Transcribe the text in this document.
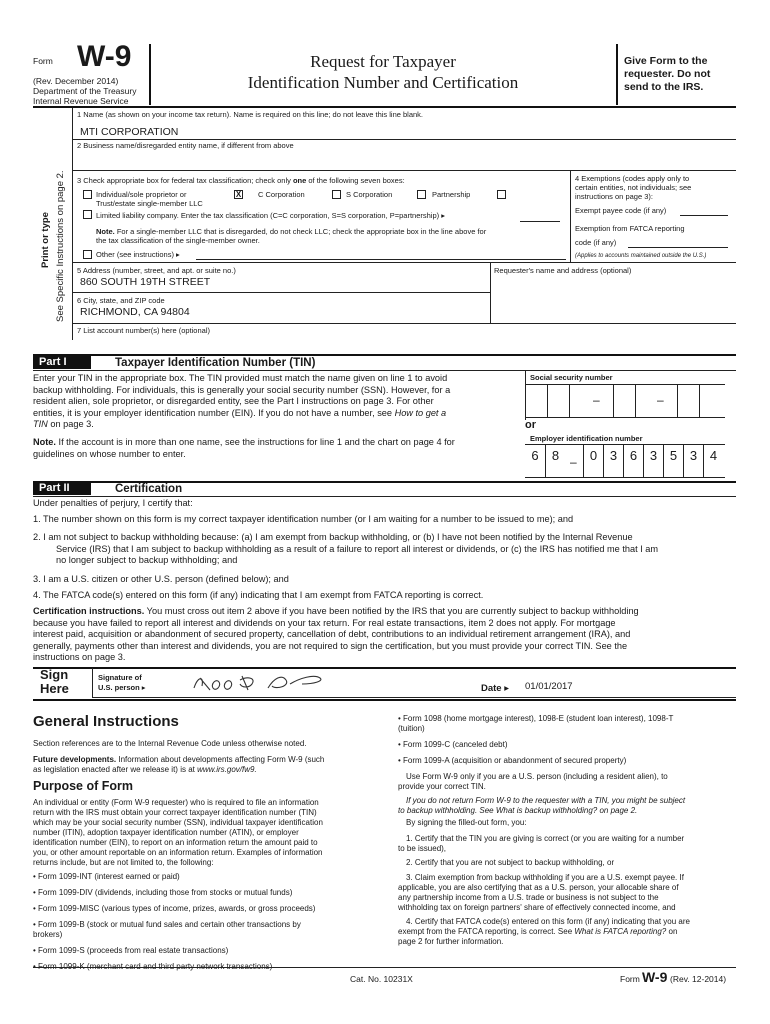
Form W-9
(Rev. December 2014)
Department of the Treasury
Internal Revenue Service
Request for Taxpayer
Identification Number and Certification
Give Form to the
requester. Do not
send to the IRS.
Print or type See Specific Instructions on page 2.
1 Name (as shown on your income tax return). Name is required on this line; do not leave this line blank.
MTI CORPORATION
2 Business name/disregarded entity name, if different from above
3 Check appropriate box for federal tax classification; check only one of the following seven boxes:
Individual/sole proprietor or
Trust/estate single-member LLC
X C Corporation	S Corporation	Partnership
Limited liability company. Enter the tax classification (C=C corporation, S=S corporation, P=partnership) ▸
Note. For a single-member LLC that is disregarded, do not check LLC; check the appropriate box in the line above for
the tax classification of the single-member owner.
Other (see instructions) ▸
4 Exemptions (codes apply only to
certain entities, not individuals; see
instructions on page 3):
Exempt payee code (if any)
Exemption from FATCA reporting
code (if any)
(Applies to accounts maintained outside the U.S.)
5 Address (number, street, and apt. or suite no.)
860 SOUTH 19TH STREET
Requester's name and address (optional)
6 City, state, and ZIP code
RICHMOND, CA 94804
7 List account number(s) here (optional)
Part I	Taxpayer Identification Number (TIN)
Enter your TIN in the appropriate box. The TIN provided must match the name given on line 1 to avoid
backup withholding. For individuals, this is generally your social security number (SSN). However, for a
resident alien, sole proprietor, or disregarded entity, see the Part I instructions on page 3. For other
entities, it is your employer identification number (EIN). If you do not have a number, see How to get a
TIN on page 3.
Note. If the account is in more than one name, see the instructions for line 1 and the chart on page 4 for
guidelines on whose number to enter.
Social security number
–	–
or
Employer identification number
6	8 –	0 3 6 3 5 3 4
Part II	Certification
Under penalties of perjury, I certify that:
1. The number shown on this form is my correct taxpayer identification number (or I am waiting for a number to be issued to me); and
2. I am not subject to backup withholding because: (a) I am exempt from backup withholding, or (b) I have not been notified by the Internal Revenue
Service (IRS) that I am subject to backup withholding as a result of a failure to report all interest or dividends, or (c) the IRS has notified me that I am
no longer subject to backup withholding; and
3. I am a U.S. citizen or other U.S. person (defined below); and
4. The FATCA code(s) entered on this form (if any) indicating that I am exempt from FATCA reporting is correct.
Certification instructions. You must cross out item 2 above if you have been notified by the IRS that you are currently subject to backup withholding
because you have failed to report all interest and dividends on your tax return. For real estate transactions, item 2 does not apply. For mortgage
interest paid, acquisition or abandonment of secured property, cancellation of debt, contributions to an individual retirement arrangement (IRA), and
generally, payments other than interest and dividends, you are not required to sign the certification, but you must provide your correct TIN. See the
instructions on page 3.
Sign
Here
Signature of
U.S. person ▸	Date ▸ 01/01/2017
General Instructions
Section references are to the Internal Revenue Code unless otherwise noted.
Future developments. Information about developments affecting Form W-9 (such
as legislation enacted after we release it) is at www.irs.gov/fw9.
Purpose of Form
An individual or entity (Form W-9 requester) who is required to file an information
return with the IRS must obtain your correct taxpayer identification number (TIN)
which may be your social security number (SSN), individual taxpayer identification
number (ITIN), adoption taxpayer identification number (ATIN), or employer
identification number (EIN), to report on an information return the amount paid to
you, or other amount reportable on an information return. Examples of information
returns include, but are not limited to, the following:
• Form 1099-INT (interest earned or paid)
• Form 1099-DIV (dividends, including those from stocks or mutual funds)
• Form 1099-MISC (various types of income, prizes, awards, or gross proceeds)
• Form 1099-B (stock or mutual fund sales and certain other transactions by
brokers)
• Form 1099-S (proceeds from real estate transactions)
• Form 1099-K (merchant card and third party network transactions)
• Form 1098 (home mortgage interest), 1098-E (student loan interest), 1098-T
(tuition)
• Form 1099-C (canceled debt)
• Form 1099-A (acquisition or abandonment of secured property)
Use Form W-9 only if you are a U.S. person (including a resident alien), to
provide your correct TIN.
If you do not return Form W-9 to the requester with a TIN, you might be subject
to backup withholding. See What is backup withholding? on page 2.
By signing the filled-out form, you:
1. Certify that the TIN you are giving is correct (or you are waiting for a number
to be issued),
2. Certify that you are not subject to backup withholding, or
3. Claim exemption from backup withholding if you are a U.S. exempt payee. If
applicable, you are also certifying that as a U.S. person, your allocable share of
any partnership income from a U.S. trade or business is not subject to the
withholding tax on foreign partners' share of effectively connected income, and
4. Certify that FATCA code(s) entered on this form (if any) indicating that you are
exempt from the FATCA reporting, is correct. See What is FATCA reporting? on
page 2 for further information.
Cat. No. 10231X	Form W-9 (Rev. 12-2014)
